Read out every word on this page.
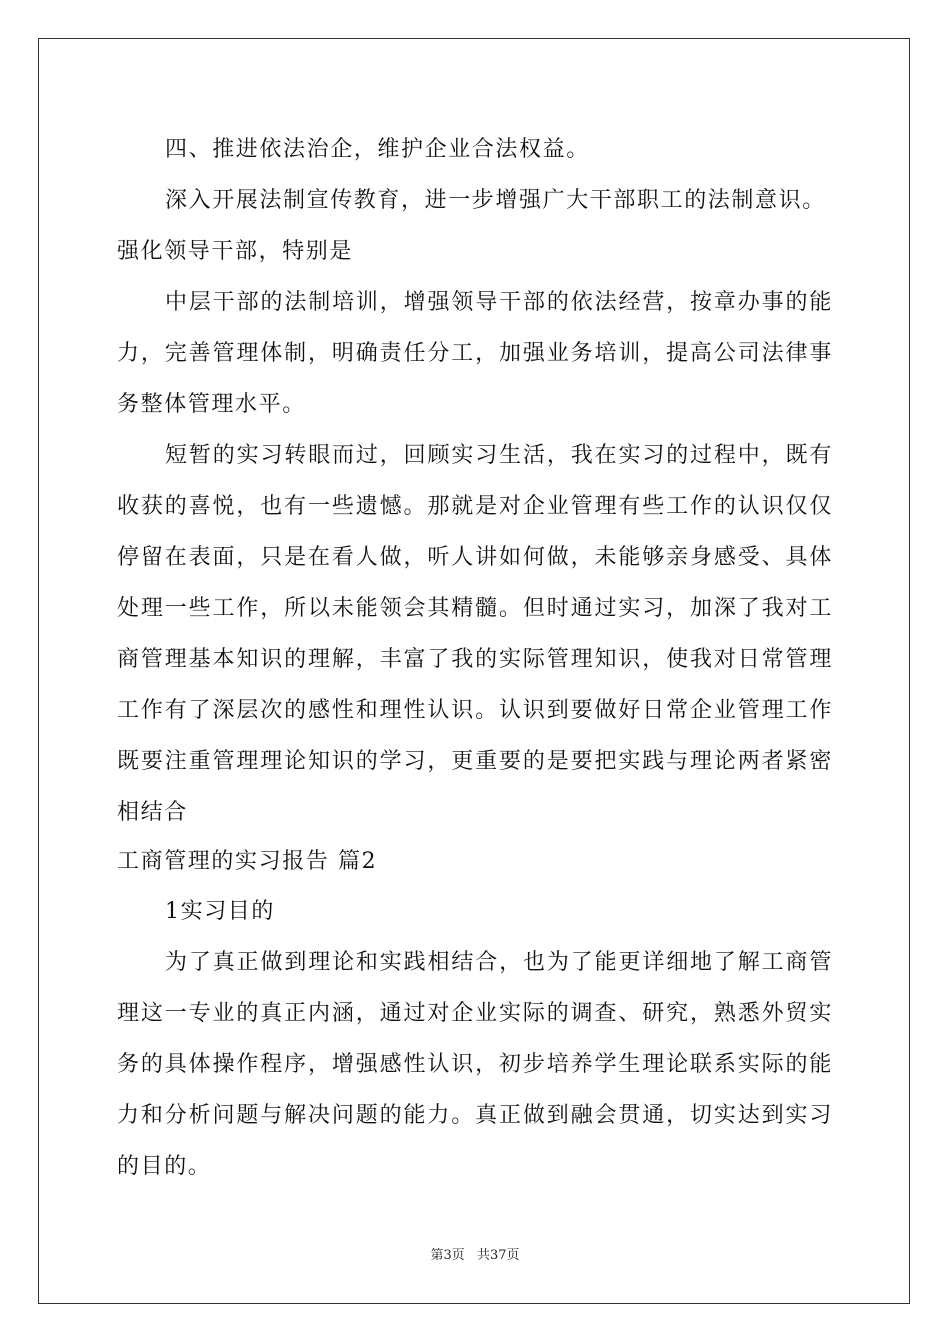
四、推进依法治企，维护企业合法权益。

深入开展法制宣传教育，进一步增强广大干部职工的法制意识。

强化领导干部，特别是

中层干部的法制培训，增强领导干部的依法经营，按章办事的能力，完善管理体制，明确责任分工，加强业务培训，提高公司法律事务整体管理水平。

短暂的实习转眼而过，回顾实习生活，我在实习的过程中，既有收获的喜悦，也有一些遗憾。那就是对企业管理有些工作的认识仅仅停留在表面，只是在看人做，听人讲如何做，未能够亲身感受、具体处理一些工作，所以未能领会其精髓。但时通过实习，加深了我对工商管理基本知识的理解，丰富了我的实际管理知识，使我对日常管理工作有了深层次的感性和理性认识。认识到要做好日常企业管理工作既要注重管理理论知识的学习，更重要的是要把实践与理论两者紧密相结合

工商管理的实习报告 篇2

1实习目的

为了真正做到理论和实践相结合，也为了能更详细地了解工商管理这一专业的真正内涵，通过对企业实际的调查、研究，熟悉外贸实务的具体操作程序，增强感性认识，初步培养学生理论联系实际的能力和分析问题与解决问题的能力。真正做到融会贯通，切实达到实习的目的。

第3页 共37页
